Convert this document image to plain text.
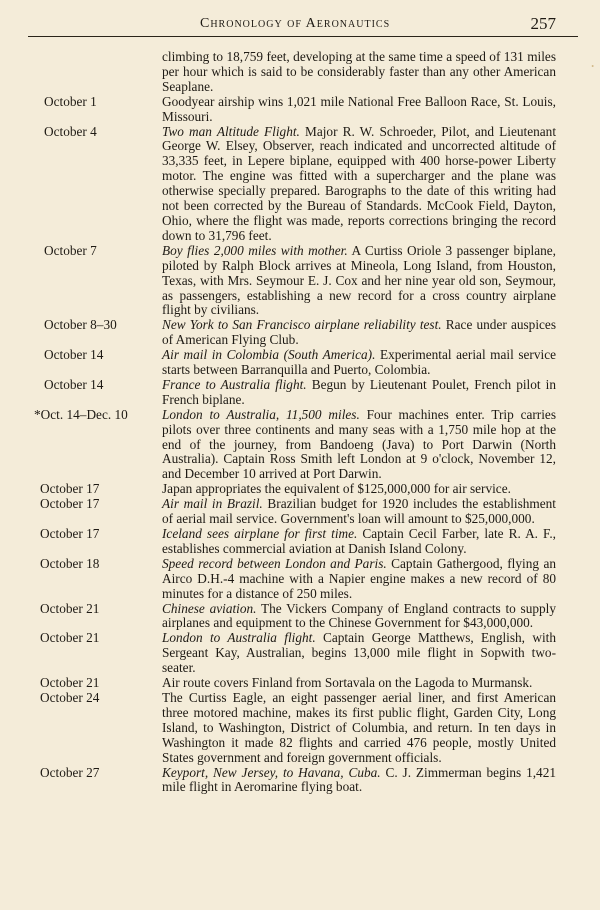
Chronology of Aeronautics	257
•

climbing to 18,759 feet, developing at the same time a speed of 131 miles per hour which is said to be considerably faster than any other American Seaplane.

October 1	Goodyear airship wins 1,021 mile National Free Balloon Race, St. Louis, Missouri.

October 4	Two man Altitude Flight. Major R. W. Schroeder, Pilot, and Lieutenant George W. Elsey, Observer, reach indicated and uncorrected altitude of 33,335 feet, in Lepere biplane, equipped with 400 horse-power Liberty motor. The engine was fitted with a supercharger and the plane was otherwise specially prepared. Barographs to the date of this writing had not been corrected by the Bureau of Standards. McCook Field, Dayton, Ohio, where the flight was made, reports corrections bringing the record down to 31,796 feet.

October 7	Boy flies 2,000 miles with mother. A Curtiss Oriole 3 passenger biplane, piloted by Ralph Block arrives at Mineola, Long Island, from Houston, Texas, with Mrs. Seymour E. J. Cox and her nine year old son, Seymour, as passengers, establishing a new record for a cross country airplane flight by civilians.

October 8–30	New York to San Francisco airplane reliability test. Race under auspices of American Flying Club.

October 14	Air mail in Colombia (South America). Experimental aerial mail service starts between Barranquilla and Puerto, Colombia.

October 14	France to Australia flight. Begun by Lieutenant Poulet, French pilot in French biplane.

*Oct. 14–Dec. 10	London to Australia, 11,500 miles. Four machines enter. Trip carries pilots over three continents and many seas with a 1,750 mile hop at the end of the journey, from Bandoeng (Java) to Port Darwin (North Australia). Captain Ross Smith left London at 9 o'clock, November 12, and December 10 arrived at Port Darwin.

October 17	Japan appropriates the equivalent of $125,000,000 for air service.

October 17	Air mail in Brazil. Brazilian budget for 1920 includes the establishment of aerial mail service. Government's loan will amount to $25,000,000.

October 17	Iceland sees airplane for first time. Captain Cecil Farber, late R. A. F., establishes commercial aviation at Danish Island Colony.

October 18	Speed record between London and Paris. Captain Gathergood, flying an Airco D.H.-4 machine with a Napier engine makes a new record of 80 minutes for a distance of 250 miles.

October 21	Chinese aviation. The Vickers Company of England contracts to supply airplanes and equipment to the Chinese Government for $43,000,000.

October 21	London to Australia flight. Captain George Matthews, English, with Sergeant Kay, Australian, begins 13,000 mile flight in Sopwith two-seater.

October 21	Air route covers Finland from Sortavala on the Lagoda to Murmansk.

October 24	The Curtiss Eagle, an eight passenger aerial liner, and first American three motored machine, makes its first public flight, Garden City, Long Island, to Washington, District of Columbia, and return. In ten days in Washington it made 82 flights and carried 476 people, mostly United States government and foreign government officials.

October 27	Keyport, New Jersey, to Havana, Cuba. C. J. Zimmerman begins 1,421 mile flight in Aeromarine flying boat.
